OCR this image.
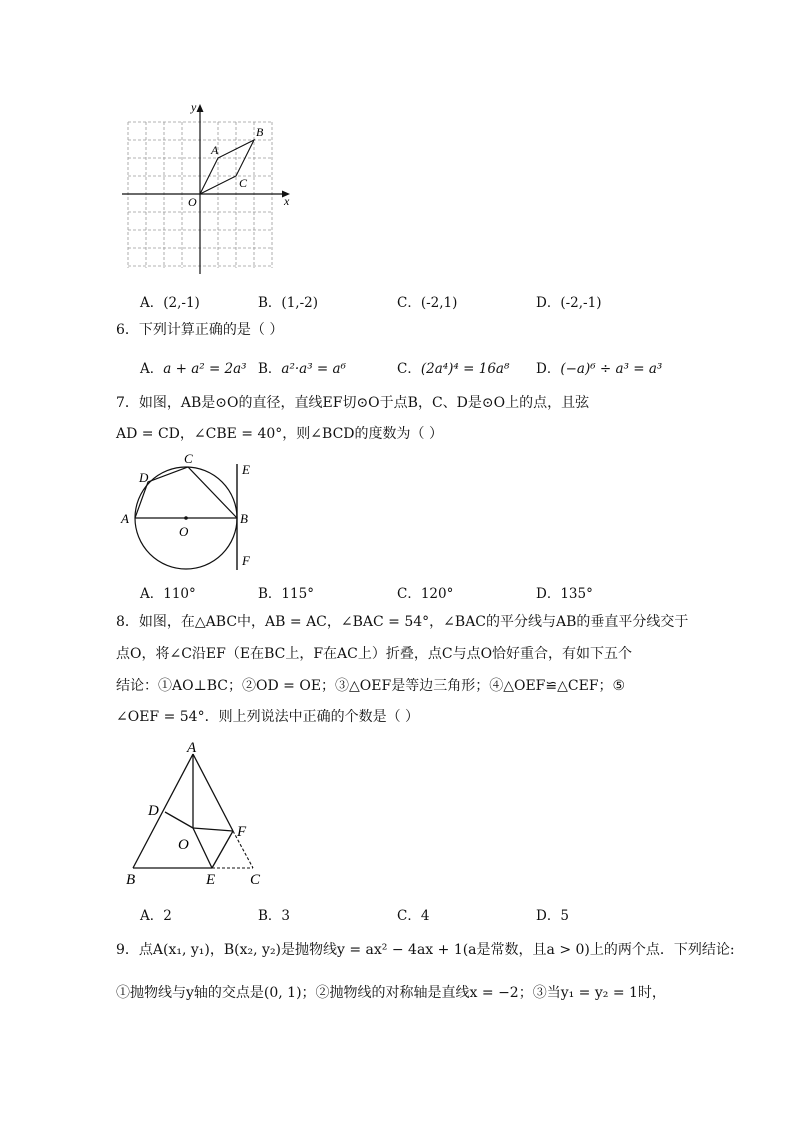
y
x
O
A
B
C
A．(2,-1)	B．(1,-2)	C．(-2,1)	D．(-2,-1)
6．下列计算正确的是（ ）
A．a + a² = 2a³ B．a²·a³ = a⁶	C．(2a⁴)⁴ = 16a⁸ D．(−a)⁶ ÷ a³ = a³
7．如图，AB是⊙O的直径，直线EF切⊙O于点B，C、D是⊙O上的点，且弦
AD = CD，∠CBE = 40°，则∠BCD的度数为（ ）
A	B
C
D
E
F
O
A．110°	B．115°	C．120°	D．135°
8．如图，在△ABC中，AB = AC，∠BAC = 54°，∠BAC的平分线与AB的垂直平分线交于
点O，将∠C沿EF（E在BC上，F在AC上）折叠，点C与点O恰好重合，有如下五个
结论：①AO⊥BC；②OD = OE；③△OEF是等边三角形；④△OEF≌△CEF；⑤
∠OEF = 54°．则上列说法中正确的个数是（ ）
A
D
O
F
B	E C
A．2	B．3	C．4	D．5
9．点A(x₁, y₁)，B(x₂, y₂)是抛物线y = ax² − 4ax + 1(a是常数，且a > 0)上的两个点．下列结论:
①抛物线与y轴的交点是(0, 1)；②抛物线的对称轴是直线x = −2；③当y₁ = y₂ = 1时，
